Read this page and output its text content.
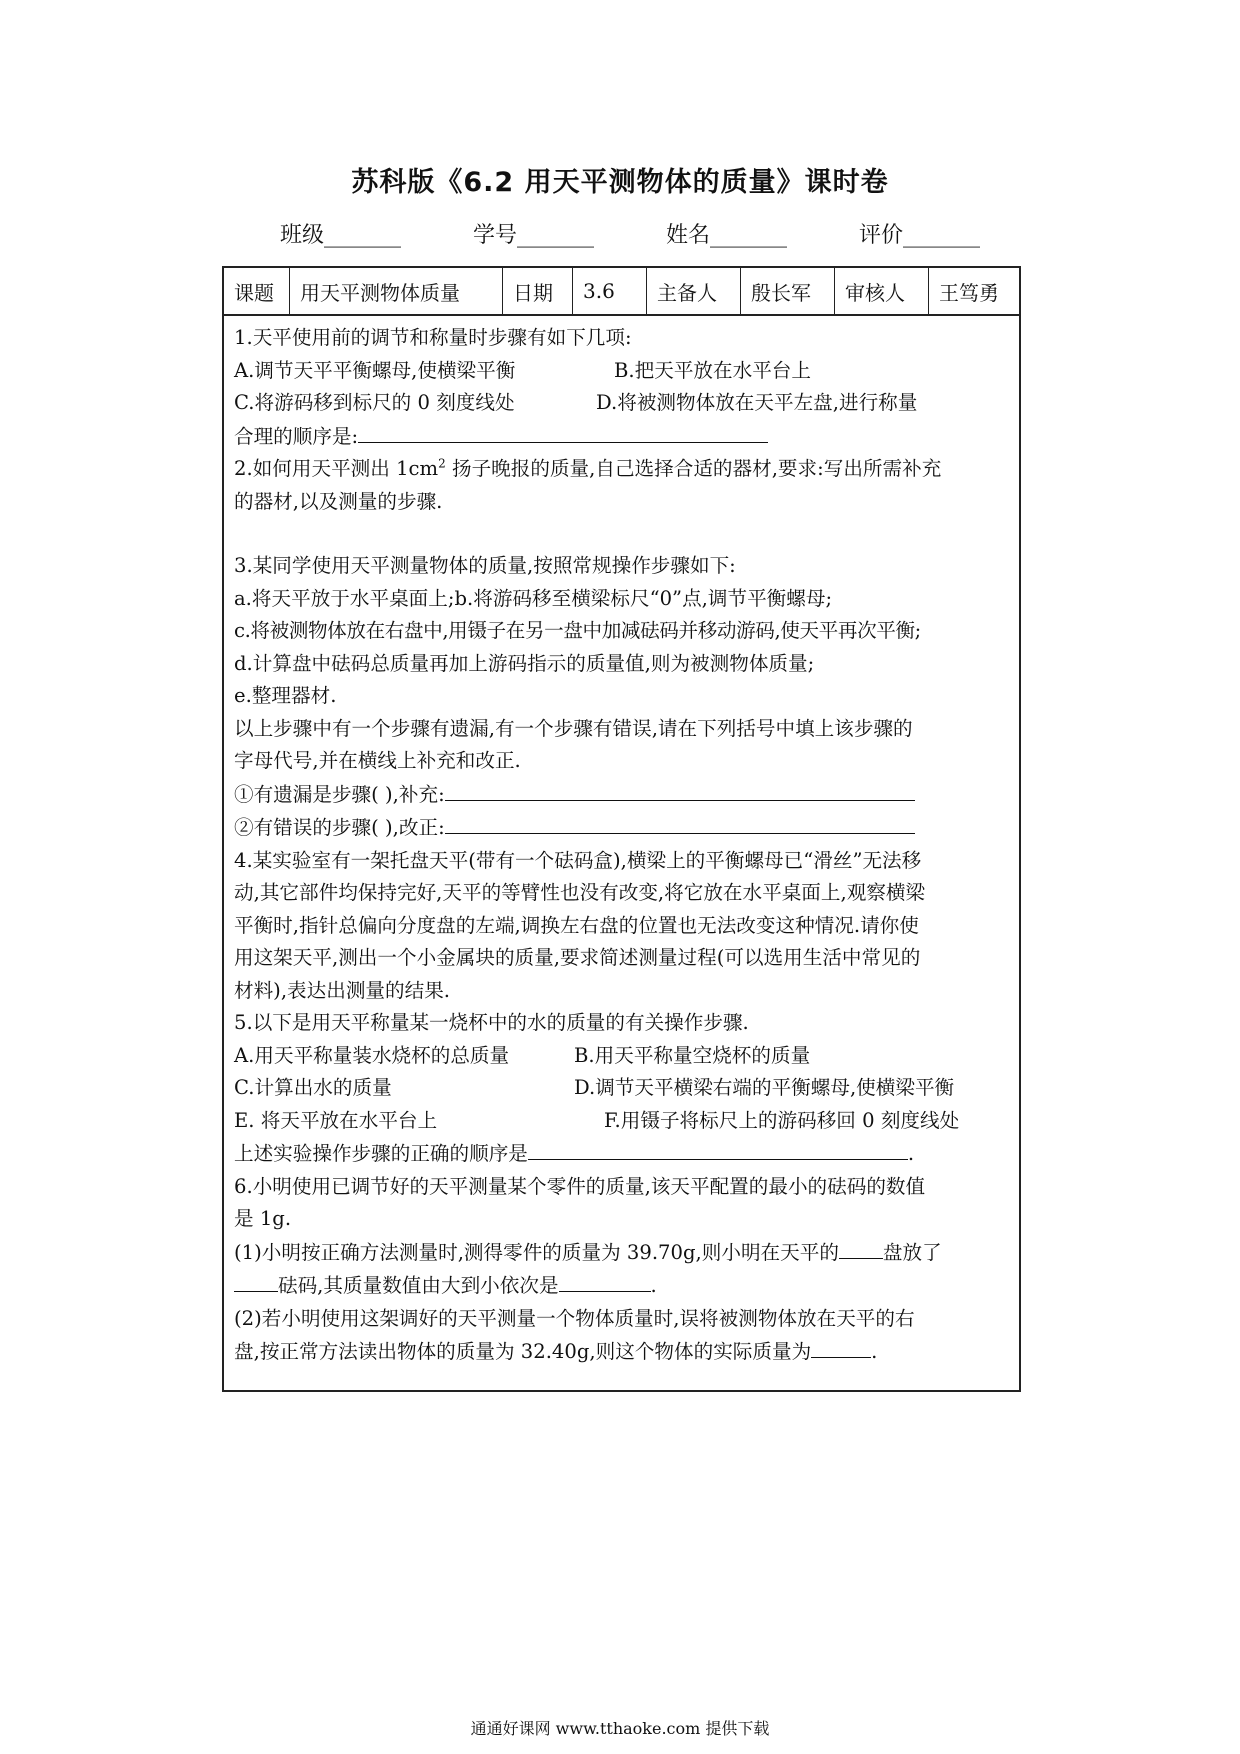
苏科版《6.2 用天平测物体的质量》课时卷
班级_______	学号_______	姓名_______	评价_______
课题	用天平测物体质量	日期	3.6	主备人	殷长军	审核人	王笃勇
1.天平使用前的调节和称量时步骤有如下几项:
A.调节天平平衡螺母,使横梁平衡	B.把天平放在水平台上
C.将游码移到标尺的 0 刻度线处	D.将被测物体放在天平左盘,进行称量
合理的顺序是:
2.如何用天平测出 $1cm^2$ 扬子晚报的质量,自己选择合适的器材,要求:写出所需补充
的器材,以及测量的步骤.
3.某同学使用天平测量物体的质量,按照常规操作步骤如下:
a.将天平放于水平桌面上;b.将游码移至横梁标尺“0”点,调节平衡螺母;
c.将被测物体放在右盘中,用镊子在另一盘中加减砝码并移动游码,使天平再次平衡;
d.计算盘中砝码总质量再加上游码指示的质量值,则为被测物体质量;
e.整理器材.
以上步骤中有一个步骤有遗漏,有一个步骤有错误,请在下列括号中填上该步骤的
字母代号,并在横线上补充和改正.
①有遗漏是步骤( ),补充:
②有错误的步骤( ),改正:
4.某实验室有一架托盘天平(带有一个砝码盒),横梁上的平衡螺母已“滑丝”无法移
动,其它部件均保持完好,天平的等臂性也没有改变,将它放在水平桌面上,观察横梁
平衡时,指针总偏向分度盘的左端,调换左右盘的位置也无法改变这种情况.请你使
用这架天平,测出一个小金属块的质量,要求简述测量过程(可以选用生活中常见的
材料),表达出测量的结果.
5.以下是用天平称量某一烧杯中的水的质量的有关操作步骤.
A.用天平称量装水烧杯的总质量	B.用天平称量空烧杯的质量
C.计算出水的质量	D.调节天平横梁右端的平衡螺母,使横梁平衡
E. 将天平放在水平台上	F.用镊子将标尺上的游码移回 0 刻度线处
上述实验操作步骤的正确的顺序是	.
6.小明使用已调节好的天平测量某个零件的质量,该天平配置的最小的砝码的数值
是 1g.
(1)小明按正确方法测量时,测得零件的质量为 39.70g,则小明在天平的 盘放了
砝码,其质量数值由大到小依次是	.
(2)若小明使用这架调好的天平测量一个物体质量时,误将被测物体放在天平的右
盘,按正常方法读出物体的质量为 32.40g,则这个物体的实际质量为	.
通通好课网 www.tthaoke.com 提供下载
